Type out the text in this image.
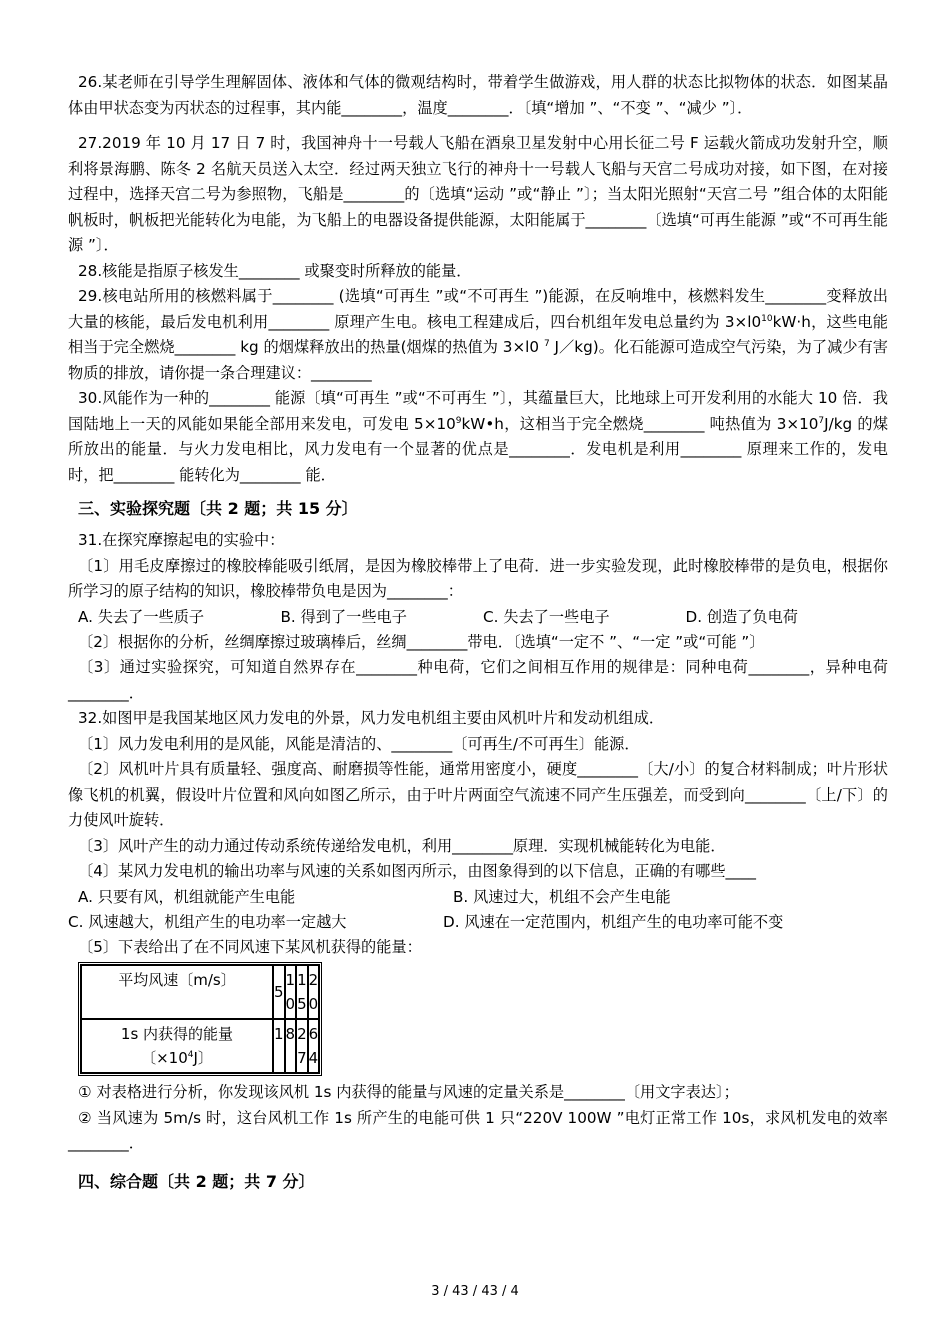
26.某老师在引导学生理解固体、液体和气体的微观结构时，带着学生做游戏，用人群的状态比拟物体的状态．如图某晶体由甲状态变为丙状态的过程事，其内能________，温度________．〔填“增加 ”、“不变 ”、“减少 ”〕．

27.2019 年 10 月 17 日 7 时，我国神舟十一号载人飞船在酒泉卫星发射中心用长征二号 F 运载火箭成功发射升空，顺利将景海鹏、陈冬 2 名航天员送入太空．经过两天独立飞行的神舟十一号载人飞船与天宫二号成功对接，如下图，在对接过程中，选择天宫二号为参照物，飞船是________的〔选填“运动 ”或“静止 ”〕；当太阳光照射“天宫二号 ”组合体的太阳能帆板时，帆板把光能转化为电能，为飞船上的电器设备提供能源，太阳能属于________〔选填“可再生能源 ”或“不可再生能源 ”〕．

28.核能是指原子核发生________ 或聚变时所释放的能量．

29.核电站所用的核燃料属于________ (选填“可再生 ”或“不可再生 ”)能源，在反响堆中，核燃料发生________变释放出大量的核能，最后发电机利用________ 原理产生电。核电工程建成后，四台机组年发电总量约为 $3\times l0^{10}kW\cdot h$，这些电能相当于完全燃烧________ kg 的烟煤释放出的热量(烟煤的热值为 3×l0 $^7$ J／kg)。化石能源可造成空气污染，为了减少有害物质的排放，请你提一条合理建议：________

30.风能作为一种的________ 能源〔填“可再生 ”或“不可再生 ”〕，其蕴量巨大，比地球上可开发利用的水能大 10 倍．我国陆地上一天的风能如果能全部用来发电，可发电 $5\times 10^9kW•h$，这相当于完全燃烧________ 吨热值为 $3\times 10^7J/kg$ 的煤所放出的能量．与火力发电相比，风力发电有一个显著的优点是________．发电机是利用________ 原理来工作的，发电时，把________ 能转化为________ 能．

三、实验探究题〔共 2 题；共 15 分〕

31.在探究摩擦起电的实验中：

〔1〕用毛皮摩擦过的橡胶棒能吸引纸屑，是因为橡胶棒带上了电荷．进一步实验发现，此时橡胶棒带的是负电，根据你所学习的原子结构的知识，橡胶棒带负电是因为________：

A. 失去了一些质子	B. 得到了一些电子	C. 失去了一些电子	D. 创造了负电荷

〔2〕根据你的分析，丝绸摩擦过玻璃棒后，丝绸________带电．〔选填“一定不 ”、“一定 ”或“可能 ”〕

〔3〕通过实验探究，可知道自然界存在________种电荷，它们之间相互作用的规律是：同种电荷________，异种电荷________．

32.如图甲是我国某地区风力发电的外景，风力发电机组主要由风机叶片和发动机组成．

〔1〕风力发电利用的是风能，风能是清洁的、________〔可再生/不可再生〕能源．

〔2〕风机叶片具有质量轻、强度高、耐磨损等性能，通常用密度小，硬度________〔大/小〕的复合材料制成；叶片形状像飞机的机翼，假设叶片位置和风向如图乙所示，由于叶片两面空气流速不同产生压强差，而受到向________〔上/下〕的力使风叶旋转．

〔3〕风叶产生的动力通过传动系统传递给发电机，利用________原理．实现机械能转化为电能．

〔4〕某风力发电机的输出功率与风速的关系如图丙所示，由图象得到的以下信息，正确的有哪些____

A. 只要有风，机组就能产生电能	B. 风速过大，机组不会产生电能
C. 风速越大，机组产生的电功率一定越大	D. 风速在一定范围内，机组产生的电功率可能不变

〔5〕下表给出了在不同风速下某风机获得的能量：

平均风速〔m/s〕	5	10	15	20

1s 内获得的能量
〔$\times 10^4J$〕	1	8	27	64

① 对表格进行分析，你发现该风机 1s 内获得的能量与风速的定量关系是________〔用文字表达〕；

② 当风速为 5m/s 时，这台风机工作 1s 所产生的电能可供 1 只“220V 100W ”电灯正常工作 10s，求风机发电的效率________．

四、综合题〔共 2 题；共 7 分〕
3 / 43 / 43 / 4
